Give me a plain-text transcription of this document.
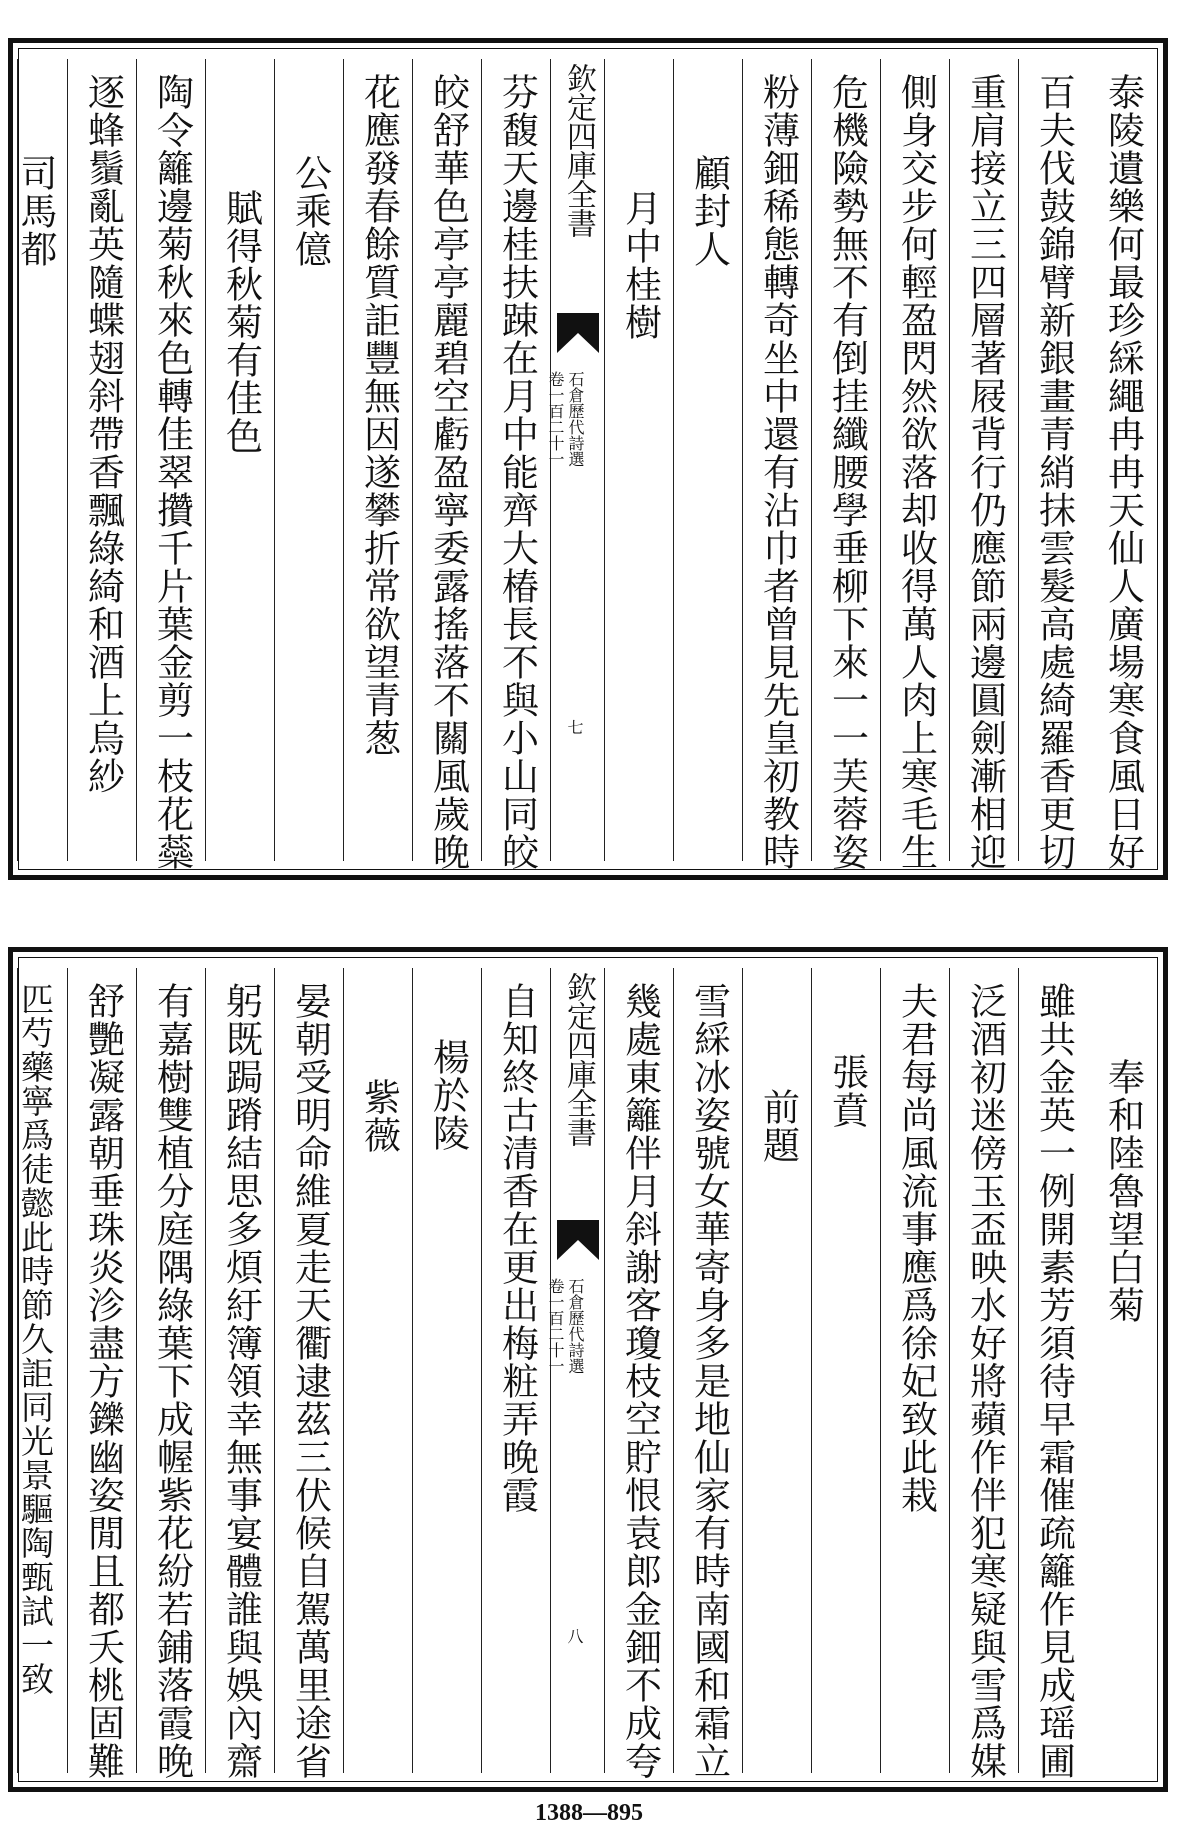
泰陵遺樂何最珍綵繩冉冉天仙人廣場寒食風日好
百夫伐鼓錦臂新銀畫青綃抹雲髮高處綺羅香更切
重肩接立三四層著屐背行仍應節兩邊圓劍漸相迎
側身交步何輕盈閃然欲落却收得萬人肉上寒毛生
危機險勢無不有倒挂纖腰學垂柳下來一一芙蓉姿
粉薄鈿稀態轉奇坐中還有沾巾者曾見先皇初教時
顧封人
月中桂樹
欽定四庫全書
石倉歷代詩選
卷一百二十一
七
芬馥天邊桂扶踈在月中能齊大椿長不與小山同皎
皎舒華色亭亭麗碧空虧盈寧委露搖落不關風歲晚
花應發春餘質詎豐無因遂攀折常欲望青葱
公乘億
賦得秋菊有佳色
陶令籬邊菊秋來色轉佳翠攢千片葉金剪一枝花蘂
逐蜂鬚亂英隨蝶翅斜帶香飄綠綺和酒上烏紗
司馬都
奉和陸魯望白菊
雖共金英一例開素芳須待早霜催疏籬作見成瑶圃
泛酒初迷傍玉盃映水好將蘋作伴犯寒疑與雪爲媒
夫君每尚風流事應爲徐妃致此栽
張賁
前題
雪綵冰姿號女華寄身多是地仙家有時南國和霜立
幾處東籬伴月斜謝客瓊枝空貯恨袁郎金鈿不成夸
欽定四庫全書
石倉歷代詩選
卷一百二十一
八
自知終古清香在更出梅粧弄晚霞
楊於陵
紫薇
晏朝受明命維夏走天衢逮茲三伏候自駕萬里途省
躬既跼蹐結思多煩紆簿領幸無事宴體誰與娛內齋
有嘉樹雙植分庭隅綠葉下成幄紫花紛若鋪落霞晚
舒艷凝露朝垂珠炎沴盡方鑠幽姿閒且都夭桃固難
匹芍藥寧爲徒懿此時節久詎同光景驅陶甄試一致
1388—895
